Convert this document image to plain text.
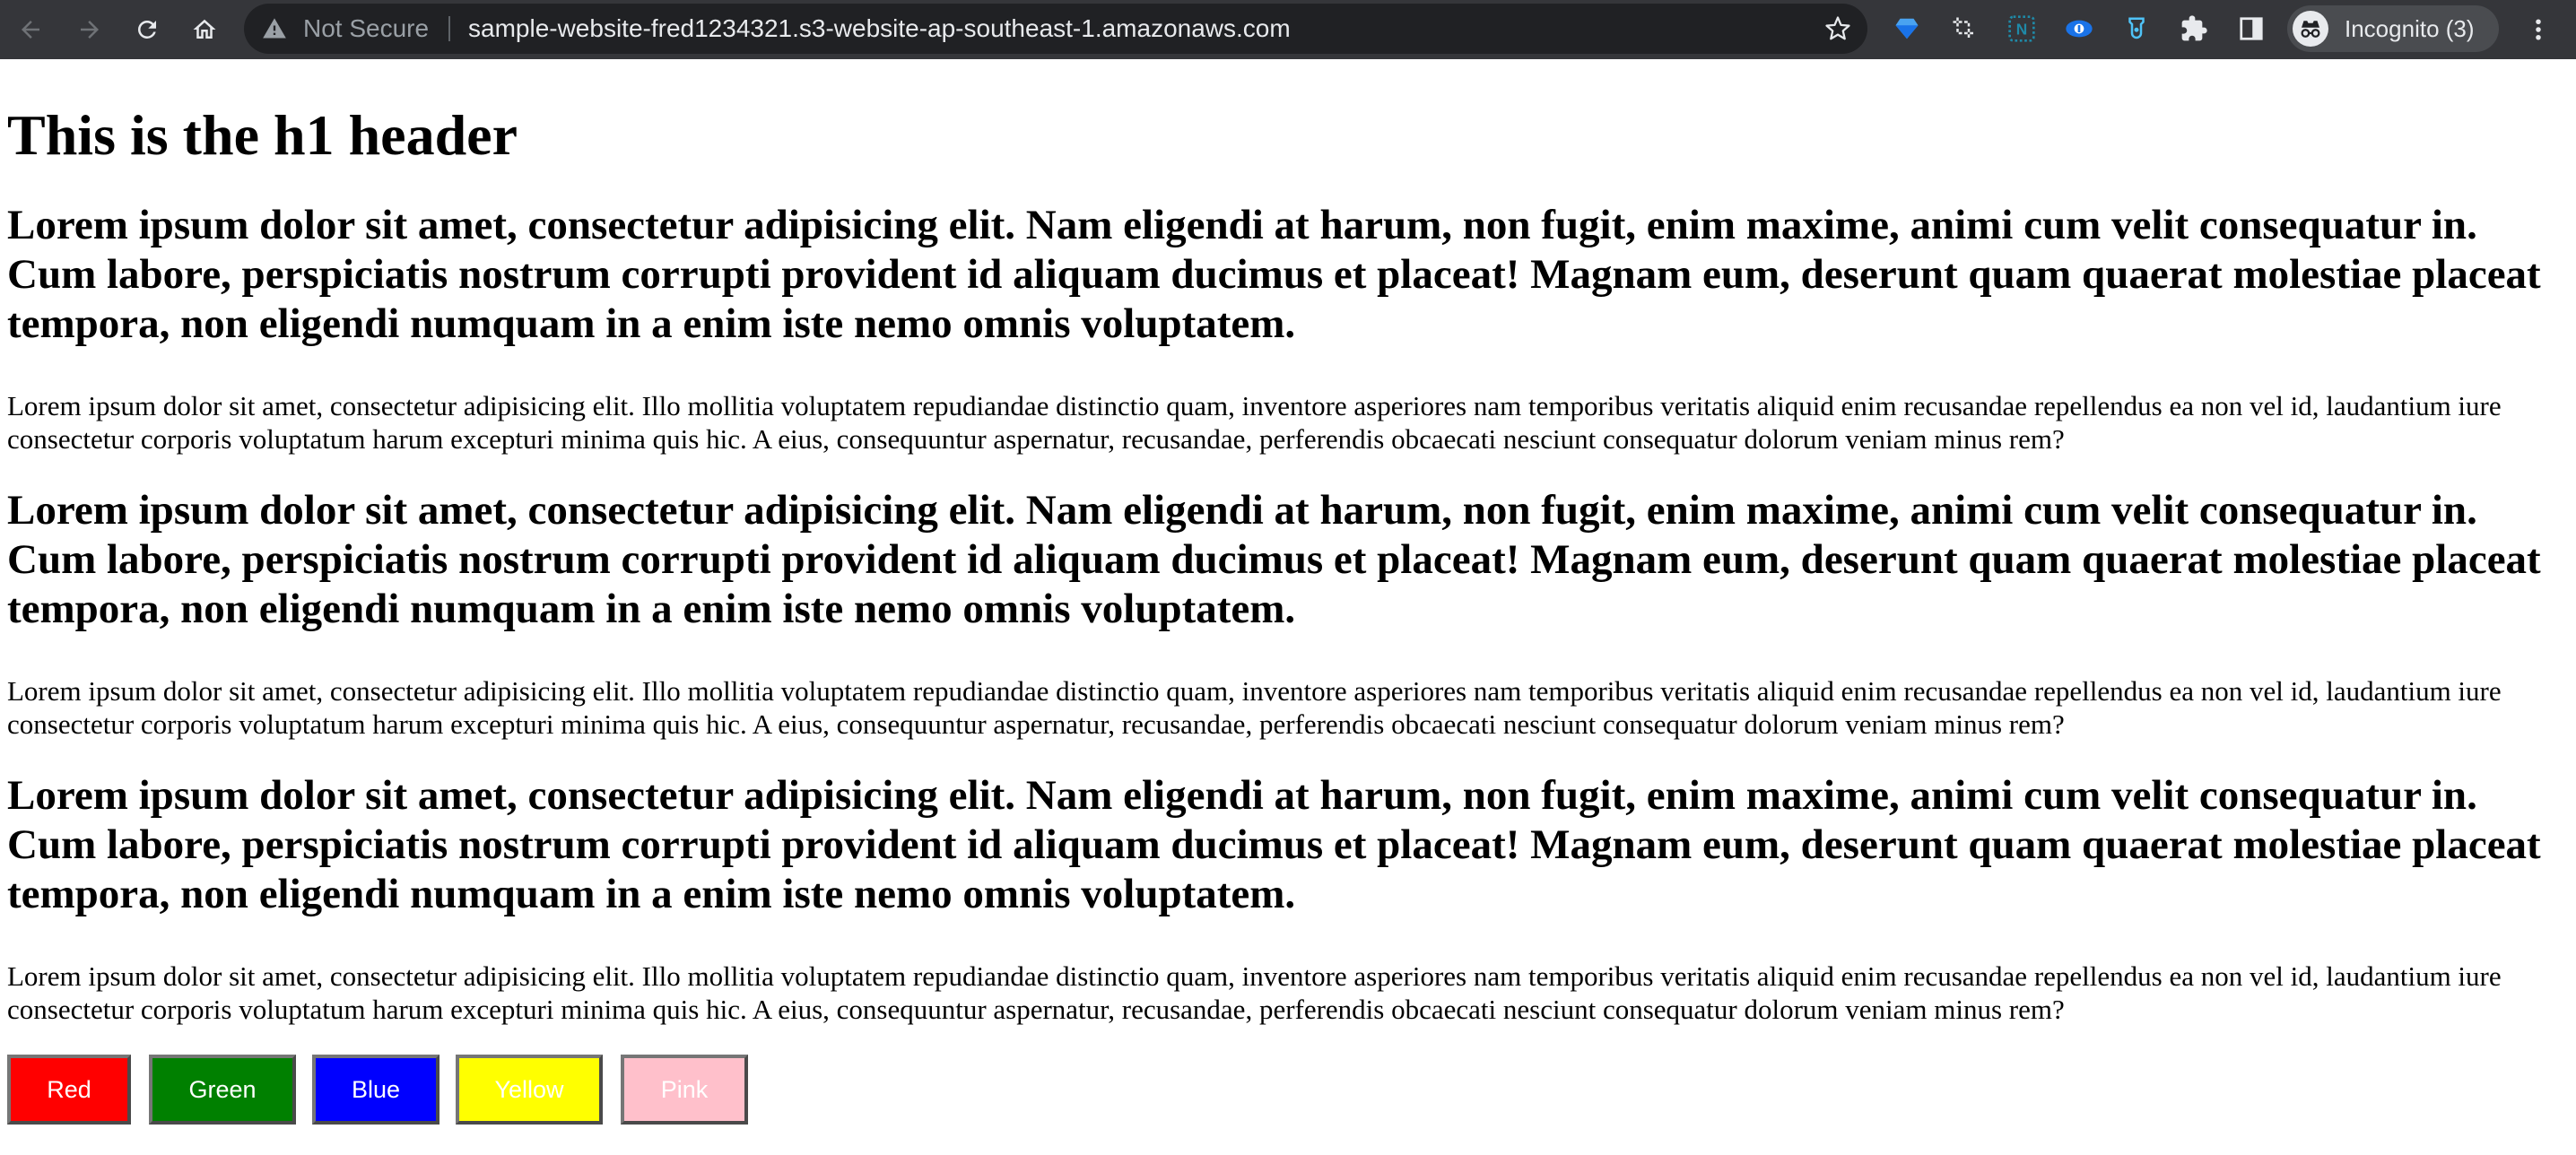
Not Secure sample-website-fred1234321.s3-website-ap-southeast-1.amazonaws.com	N	Incognito (3)
This is the h1 header
Lorem ipsum dolor sit amet, consectetur adipisicing elit. Nam eligendi at harum, non fugit, enim maxime, animi cum velit consequatur in. Cum labore, perspiciatis nostrum corrupti provident id aliquam ducimus et placeat! Magnam eum, deserunt quam quaerat molestiae placeat tempora, non eligendi numquam in a enim iste nemo omnis voluptatem.

Lorem ipsum dolor sit amet, consectetur adipisicing elit. Illo mollitia voluptatem repudiandae distinctio quam, inventore asperiores nam temporibus veritatis aliquid enim recusandae repellendus ea non vel id, laudantium iure consectetur corporis voluptatum harum excepturi minima quis hic. A eius, consequuntur aspernatur, recusandae, perferendis obcaecati nesciunt consequatur dolorum veniam minus rem?

Lorem ipsum dolor sit amet, consectetur adipisicing elit. Nam eligendi at harum, non fugit, enim maxime, animi cum velit consequatur in. Cum labore, perspiciatis nostrum corrupti provident id aliquam ducimus et placeat! Magnam eum, deserunt quam quaerat molestiae placeat tempora, non eligendi numquam in a enim iste nemo omnis voluptatem.

Lorem ipsum dolor sit amet, consectetur adipisicing elit. Illo mollitia voluptatem repudiandae distinctio quam, inventore asperiores nam temporibus veritatis aliquid enim recusandae repellendus ea non vel id, laudantium iure consectetur corporis voluptatum harum excepturi minima quis hic. A eius, consequuntur aspernatur, recusandae, perferendis obcaecati nesciunt consequatur dolorum veniam minus rem?

Lorem ipsum dolor sit amet, consectetur adipisicing elit. Nam eligendi at harum, non fugit, enim maxime, animi cum velit consequatur in. Cum labore, perspiciatis nostrum corrupti provident id aliquam ducimus et placeat! Magnam eum, deserunt quam quaerat molestiae placeat tempora, non eligendi numquam in a enim iste nemo omnis voluptatem.

Lorem ipsum dolor sit amet, consectetur adipisicing elit. Illo mollitia voluptatem repudiandae distinctio quam, inventore asperiores nam temporibus veritatis aliquid enim recusandae repellendus ea non vel id, laudantium iure consectetur corporis voluptatum harum excepturi minima quis hic. A eius, consequuntur aspernatur, recusandae, perferendis obcaecati nesciunt consequatur dolorum veniam minus rem?

Red	Green	Blue	Yellow	Pink
